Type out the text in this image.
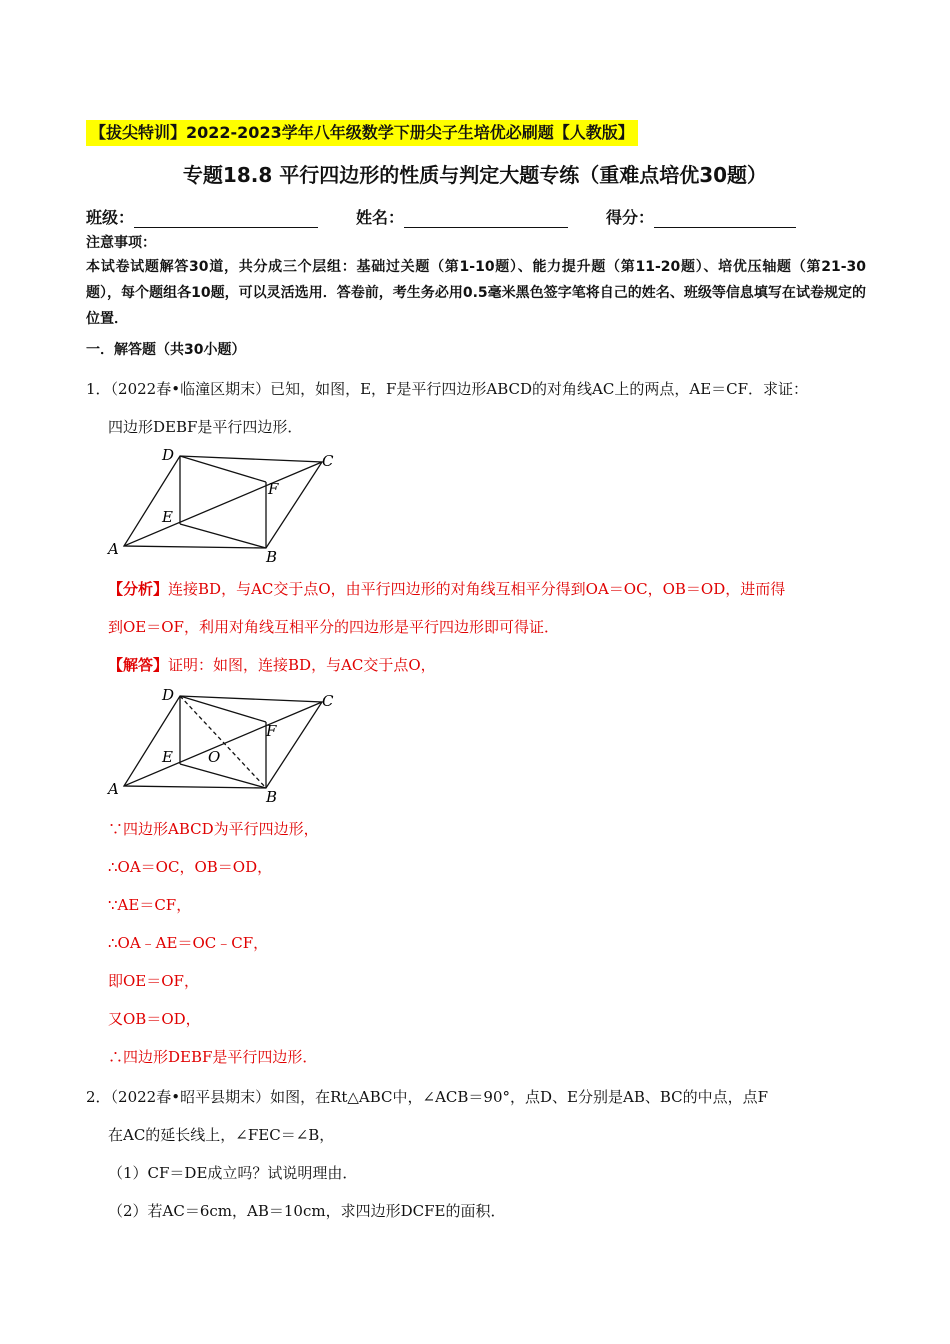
【拔尖特训】2022-2023学年八年级数学下册尖子生培优必刷题【人教版】
专题18.8 平行四边形的性质与判定大题专练（重难点培优30题）
班级：	姓名：	得分：
注意事项：
本试卷试题解答30道，共分成三个层组：基础过关题（第1-10题）、能力提升题（第11-20题）、培优压轴题（第21-30题），每个题组各10题，可以灵活选用．答卷前，考生务必用0.5毫米黑色签字笔将自己的姓名、班级等信息填写在试卷规定的位置．
一．解答题（共30小题）
1．（2022春•临潼区期末）已知，如图，E，F是平行四边形ABCD的对角线AC上的两点，AE＝CF．求证：
四边形DEBF是平行四边形．
A	B
C
D
E
F
【分析】连接BD，与AC交于点O，由平行四边形的对角线互相平分得到OA＝OC，OB＝OD，进而得
到OE＝OF，利用对角线互相平分的四边形是平行四边形即可得证．
【解答】证明：如图，连接BD，与AC交于点O，
A	B
C
D
E
F
O
∵四边形ABCD为平行四边形，
∴OA＝OC，OB＝OD，
∵AE＝CF，
∴OA﹣AE＝OC﹣CF，
即OE＝OF，
又OB＝OD，
∴四边形DEBF是平行四边形．
2．（2022春•昭平县期末）如图，在Rt△ABC中，∠ACB＝90°，点D、E分别是AB、BC的中点，点F
在AC的延长线上，∠FEC＝∠B，
（1）CF＝DE成立吗？试说明理由．
（2）若AC＝6cm，AB＝10cm，求四边形DCFE的面积．
